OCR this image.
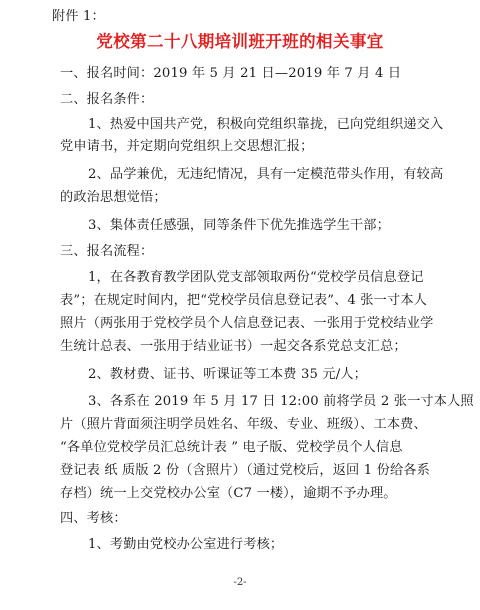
附件 1：
党校第二十八期培训班开班的相关事宜
一、报名时间：2019 年 5 月 21 日—2019 年 7 月 4 日
二、报名条件：
1、热爱中国共产党，积极向党组织靠拢，已向党组织递交入
党申请书，并定期向党组织上交思想汇报；
2、品学兼优，无违纪情况，具有一定模范带头作用，有较高
的政治思想觉悟；
3、集体责任感强，同等条件下优先推选学生干部；
三、报名流程：
1，在各教育教学团队党支部领取两份“党校学员信息登记
表”；在规定时间内，把“党校学员信息登记表”、4 张一寸本人
照片（两张用于党校学员个人信息登记表、一张用于党校结业学
生统计总表、一张用于结业证书）一起交各系党总支汇总；
2、教材费、证书、听课证等工本费 35 元/人；
3、各系在 2019 年 5 月 17 日 12:00 前将学员 2 张一寸本人照
片（照片背面须注明学员姓名、年级、专业、班级）、工本费、
“各单位党校学员汇总统计表 ” 电子版、党校学员个人信息
登记表 纸 质版 2 份（含照片）（通过党校后，返回 1 份给各系
存档）统一上交党校办公室（C7 一楼），逾期不予办理。
四、考核：
1、考勤由党校办公室进行考核；
-2-
